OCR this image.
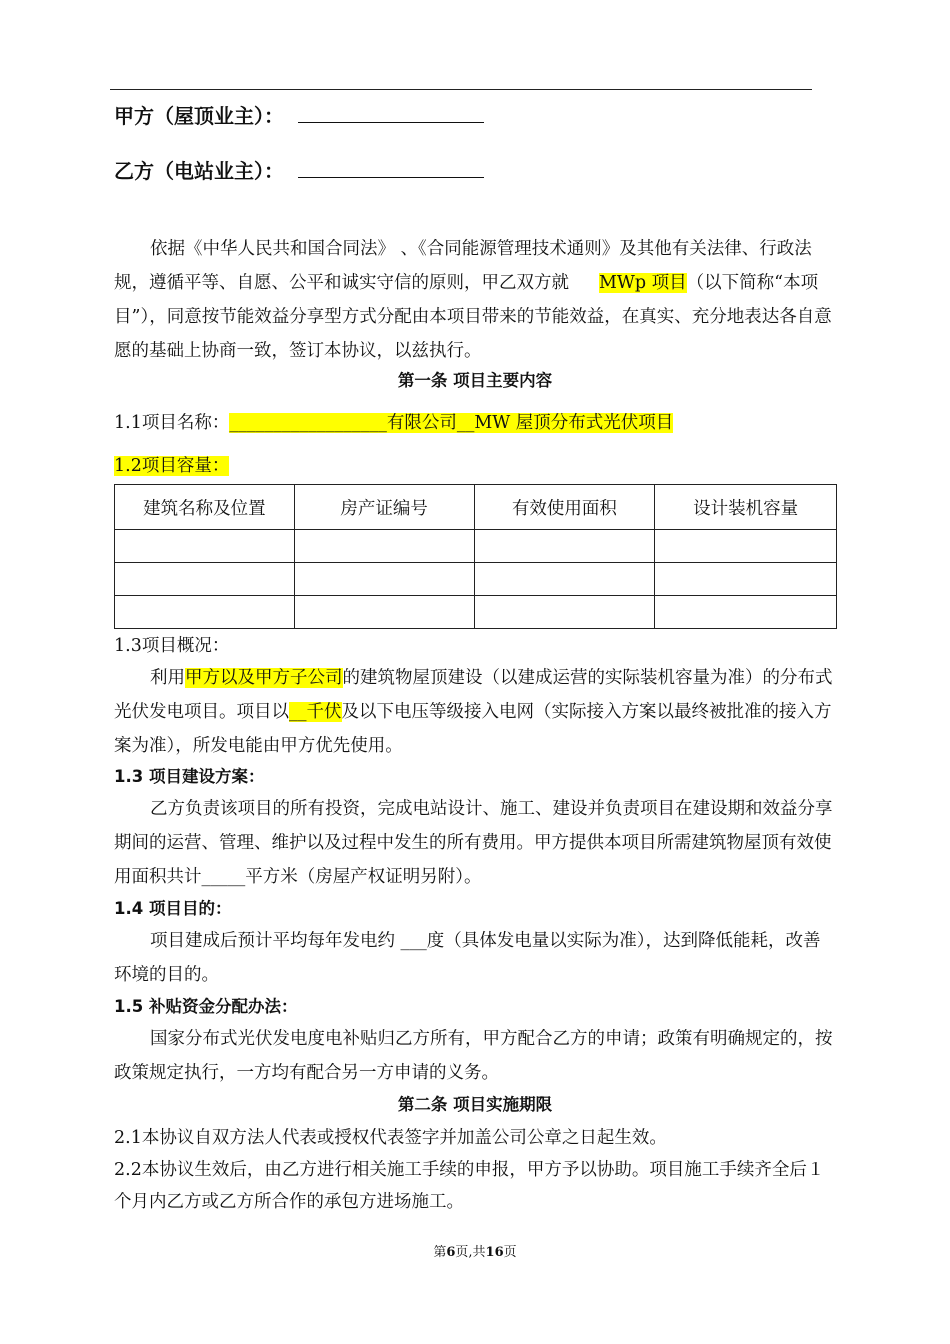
甲方（屋顶业主）：
乙方（电站业主）：
依据《中华人民共和国合同法》 、《合同能源管理技术通则》及其他有关法律、行政法规，遵循平等、自愿、公平和诚实守信的原则，甲乙双方就 MWp 项目（以下简称“本项目”），同意按节能效益分享型方式分配由本项目带来的节能效益，在真实、充分地表达各自意愿的基础上协商一致，签订本协议，以兹执行。
第一条 项目主要内容
1.1项目名称：__________________有限公司__MW 屋顶分布式光伏项目
1.2项目容量：
建筑名称及位置	房产证编号	有效使用面积	设计装机容量

1.3项目概况：
利用甲方以及甲方子公司的建筑物屋顶建设（以建成运营的实际装机容量为准）的分布式光伏发电项目。项目以__千伏及以下电压等级接入电网（实际接入方案以最终被批准的接入方案为准），所发电能由甲方优先使用。
1.3 项目建设方案：
乙方负责该项目的所有投资，完成电站设计、施工、建设并负责项目在建设期和效益分享期间的运营、管理、维护以及过程中发生的所有费用。甲方提供本项目所需建筑物屋顶有效使用面积共计_____平方米（房屋产权证明另附）。
1.4 项目目的：
项目建成后预计平均每年发电约 ___度（具体发电量以实际为准），达到降低能耗，改善环境的目的。
1.5 补贴资金分配办法：
国家分布式光伏发电度电补贴归乙方所有，甲方配合乙方的申请；政策有明确规定的，按政策规定执行，一方均有配合另一方申请的义务。
第二条 项目实施期限
2.1本协议自双方法人代表或授权代表签字并加盖公司公章之日起生效。
2.2本协议生效后，由乙方进行相关施工手续的申报，甲方予以协助。项目施工手续齐全后１个月内乙方或乙方所合作的承包方进场施工。
第6页,共16页
